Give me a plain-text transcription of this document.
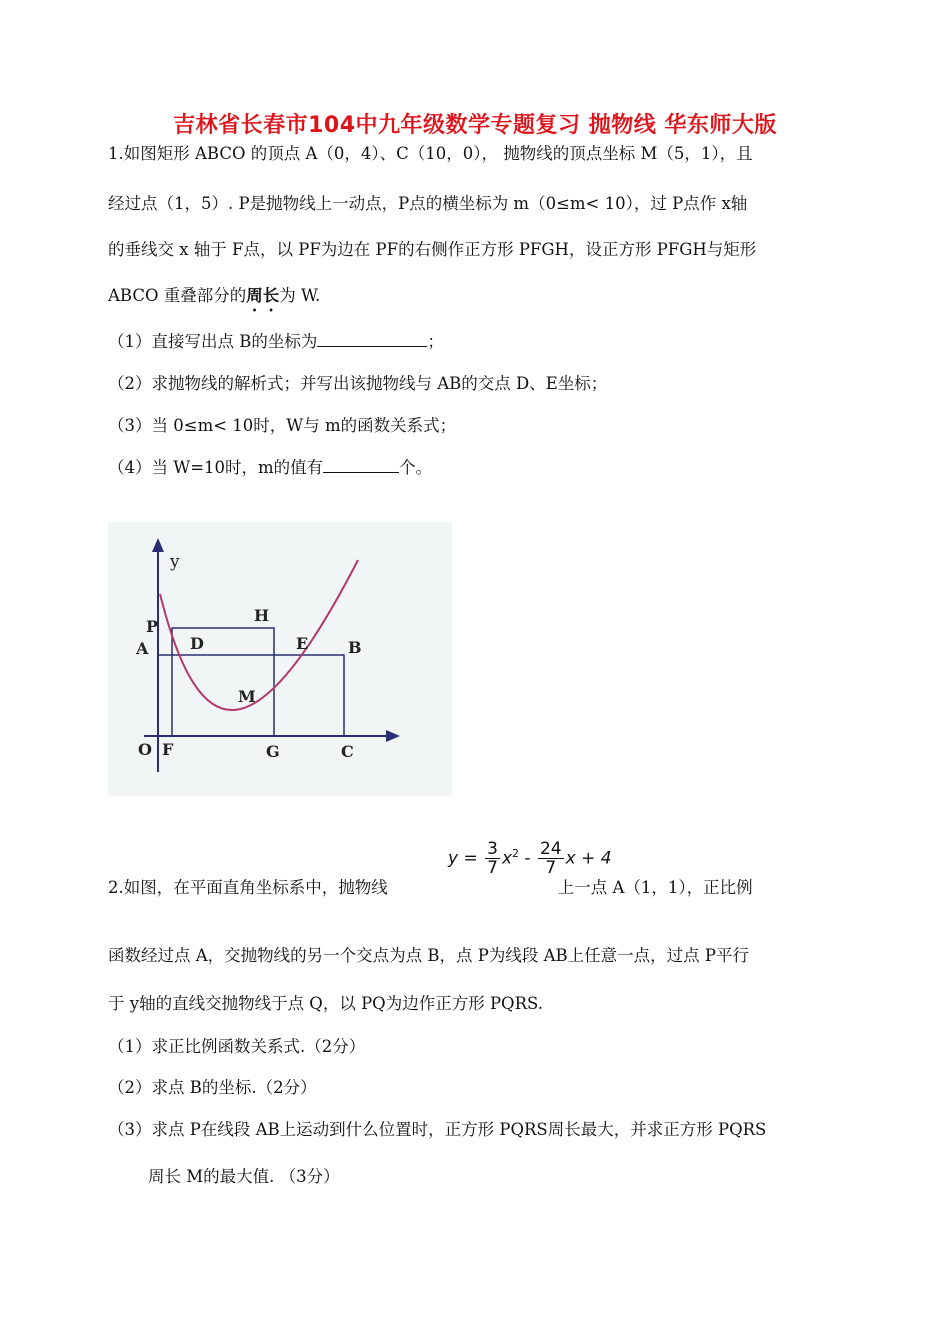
吉林省长春市104中九年级数学专题复习 抛物线 华东师大版
1.如图矩形 ABCO 的顶点 A（0，4）、C（10，0）， 抛物线的顶点坐标 M（5，1），且
经过点（1，5）. P是抛物线上一动点，P点的横坐标为 m（0≤m< 10），过 P点作 x轴
的垂线交 x 轴于 F点，以 PF为边在 PF的右侧作正方形 PFGH，设正方形 PFGH与矩形
ABCO 重叠部分的周长为 W.
（1）直接写出点 B的坐标为	；
（2）求抛物线的解析式；并写出该抛物线与 AB的交点 D、E坐标；
（3）当 0≤m< 10时，W与 m的函数关系式；
（4）当 W=10时，m的值有	个。
y
P
A	D
H
E B
M
O F	G	C
$y = \frac{3}{7} x^2 - \frac{24}{7}$ x + 4
2.如图，在平面直角坐标系中，抛物线	上一点 A（1，1），正比例
函数经过点 A，交抛物线的另一个交点为点 B，点 P为线段 AB上任意一点，过点 P平行
于 y轴的直线交抛物线于点 Q，以 PQ为边作正方形 PQRS.
（1）求正比例函数关系式.（2分）
（2）求点 B的坐标.（2分）
（3）求点 P在线段 AB上运动到什么位置时，正方形 PQRS周长最大，并求正方形 PQRS
周长 M的最大值. （3分）
